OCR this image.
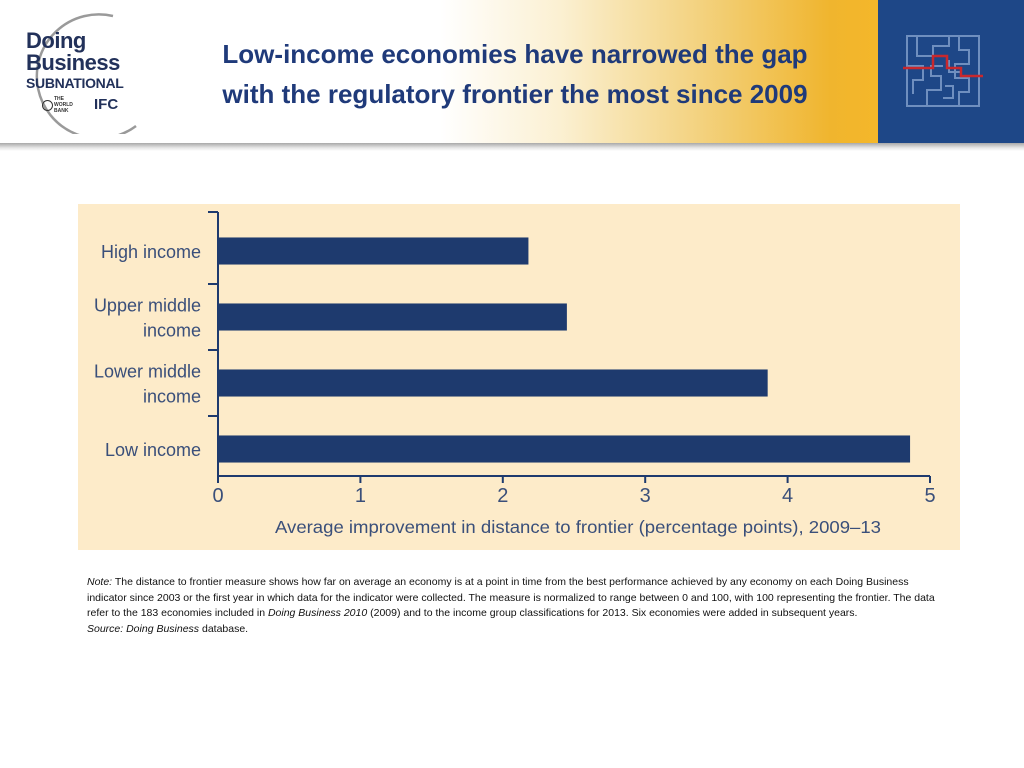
Doing
Business
SUBNATIONAL
THE WORLD BANK	IFC
Low-income economies have narrowed the gap
with the regulatory frontier the most since 2009
High income
Upper middle
income
Lower middle
income
Low income
0	1	2	3	4	5
Average improvement in distance to frontier (percentage points), 2009–13

Note: The distance to frontier measure shows how far on average an economy is at a point in time from the best performance achieved by any economy on each Doing Business indicator since 2003 or the first year in which data for the indicator were collected. The measure is normalized to range between 0 and 100, with 100 representing the frontier. The data refer to the 183 economies included in Doing Business 2010 (2009) and to the income group classifications for 2013. Six economies were added in subsequent years.

Source: Doing Business database.
